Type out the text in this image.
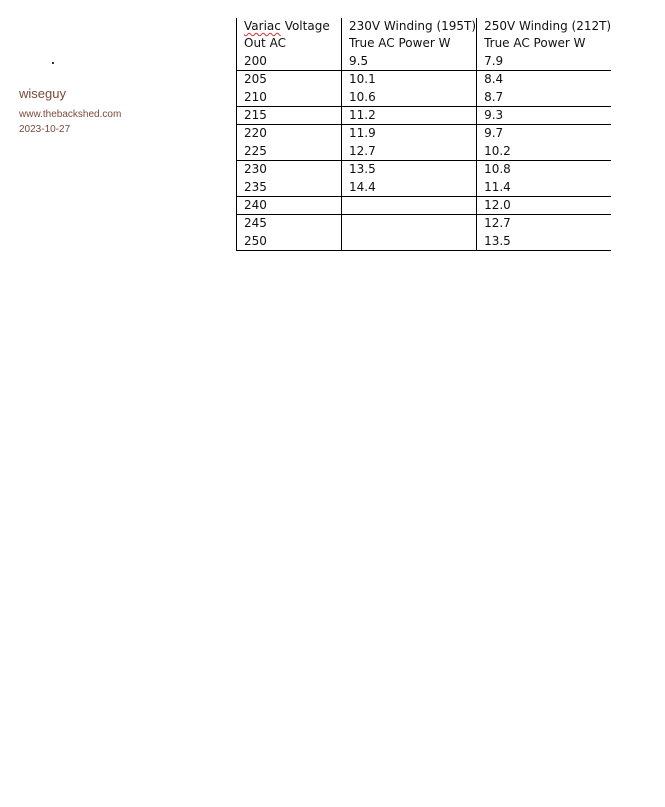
wiseguy
www.thebackshed.com
2023-10-27
Variac Voltage	230V Winding (195T)	250V Winding (212T)
Out AC	True AC Power W	True AC Power W
200	9.5	7.9
205	10.1	8.4
210	10.6	8.7
215	11.2	9.3
220	11.9	9.7
225	12.7	10.2
230	13.5	10.8
235	14.4	11.4
240		12.0
245		12.7
250		13.5
